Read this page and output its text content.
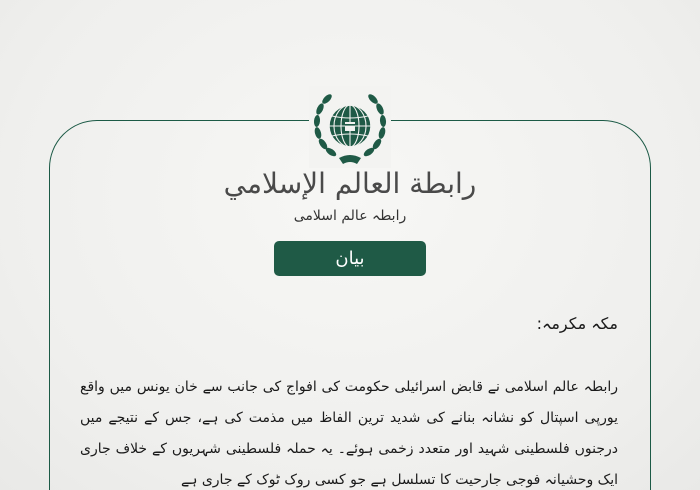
رابطة العالم الإسلامي
رابطہ عالم اسلامی
بیان
مکہ مکرمہ:

رابطہ عالم اسلامی نے قابض اسرائیلی حکومت کی افواج کی جانب سے خان یونس میں واقع یورپی اسپتال کو نشانہ بنانے کی شدید ترین الفاظ میں مذمت کی ہے، جس کے نتیجے میں درجنوں فلسطینی شہید اور متعدد زخمی ہوئے۔ یہ حملہ فلسطینی شہریوں کے خلاف جاری ایک وحشیانہ فوجی جارحیت کا تسلسل ہے جو کسی روک ٹوک کے جاری ہے
